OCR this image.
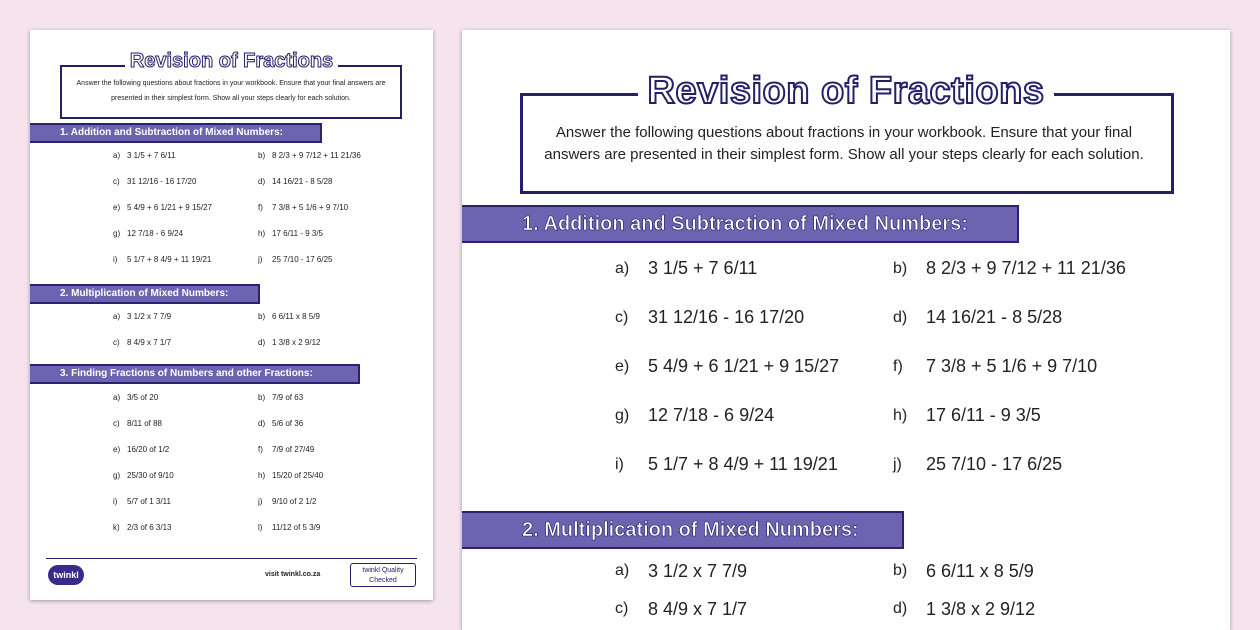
Revision of Fractions
Answer the following questions about fractions in your workbook. Ensure that your final answers are presented in their simplest form. Show all your steps clearly for each solution.
1. Addition and Subtraction of Mixed Numbers:
a) 3 1/5 + 7 6/11	b) 8 2/3 + 9 7/12 + 11 21/36
c) 31 12/16 - 16 17/20	d) 14 16/21 - 8 5/28
e) 5 4/9 + 6 1/21 + 9 15/27	f)	7 3/8 + 5 1/6 + 9 7/10
g) 12 7/18 - 6 9/24	h) 17 6/11 - 9 3/5
i)	5 1/7 + 8 4/9 + 11 19/21	j)	25 7/10 - 17 6/25
2. Multiplication of Mixed Numbers:
a) 3 1/2 x 7 7/9	b) 6 6/11 x 8 5/9
c) 8 4/9 x 7 1/7	d) 1 3/8 x 2 9/12
3. Finding Fractions of Numbers and other Fractions:
a) 3/5 of 20	b) 7/9 of 63
c) 8/11 of 88	d) 5/6 of 36
e) 16/20 of 1/2	f)	7/9 of 27/49
g) 25/30 of 9/10	h) 15/20 of 25/40
i)	5/7 of 1 3/11	j)	9/10 of 2 1/2
k) 2/3 of 6 3/13	l)	11/12 of 5 3/9
twinkl	visit twinkl.co.za
twinkl Quality Checked
Revision of Fractions
Answer the following questions about fractions in your workbook. Ensure that your final answers are presented in their simplest form. Show all your steps clearly for each solution.
1. Addition and Subtraction of Mixed Numbers:
a)	3 1/5 + 7 6/11	b)	8 2/3 + 9 7/12 + 11 21/36
c)	31 12/16 - 16 17/20	d)	14 16/21 - 8 5/28
e)	5 4/9 + 6 1/21 + 9 15/27	f)	7 3/8 + 5 1/6 + 9 7/10
g)	12 7/18 - 6 9/24	h)	17 6/11 - 9 3/5
i)	5 1/7 + 8 4/9 + 11 19/21	j)	25 7/10 - 17 6/25
2. Multiplication of Mixed Numbers:
a)	3 1/2 x 7 7/9	b)	6 6/11 x 8 5/9
c)	8 4/9 x 7 1/7	d)	1 3/8 x 2 9/12
